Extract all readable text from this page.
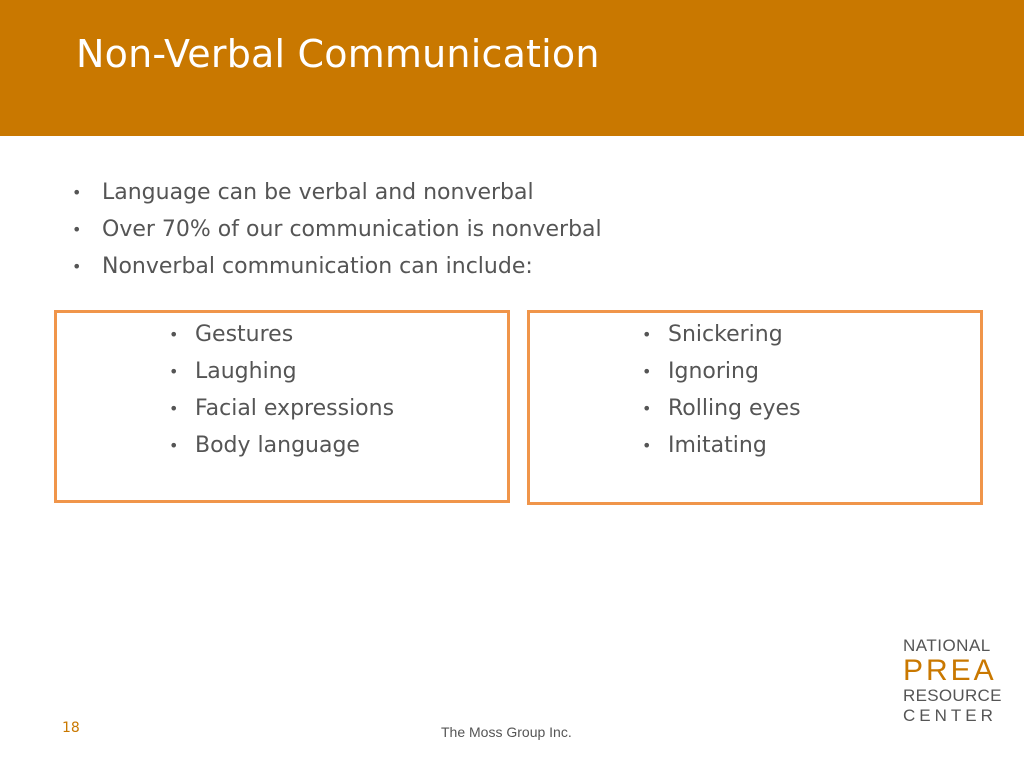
Non-Verbal Communication
• Language can be verbal and nonverbal
• Over 70% of our communication is nonverbal
• Nonverbal communication can include:
• Gestures
• Laughing
• Facial expressions
• Body language
• Snickering
• Ignoring
• Rolling eyes
• Imitating
18	The Moss Group Inc.
NATIONAL
PREA
RESOURCE
CENTER
